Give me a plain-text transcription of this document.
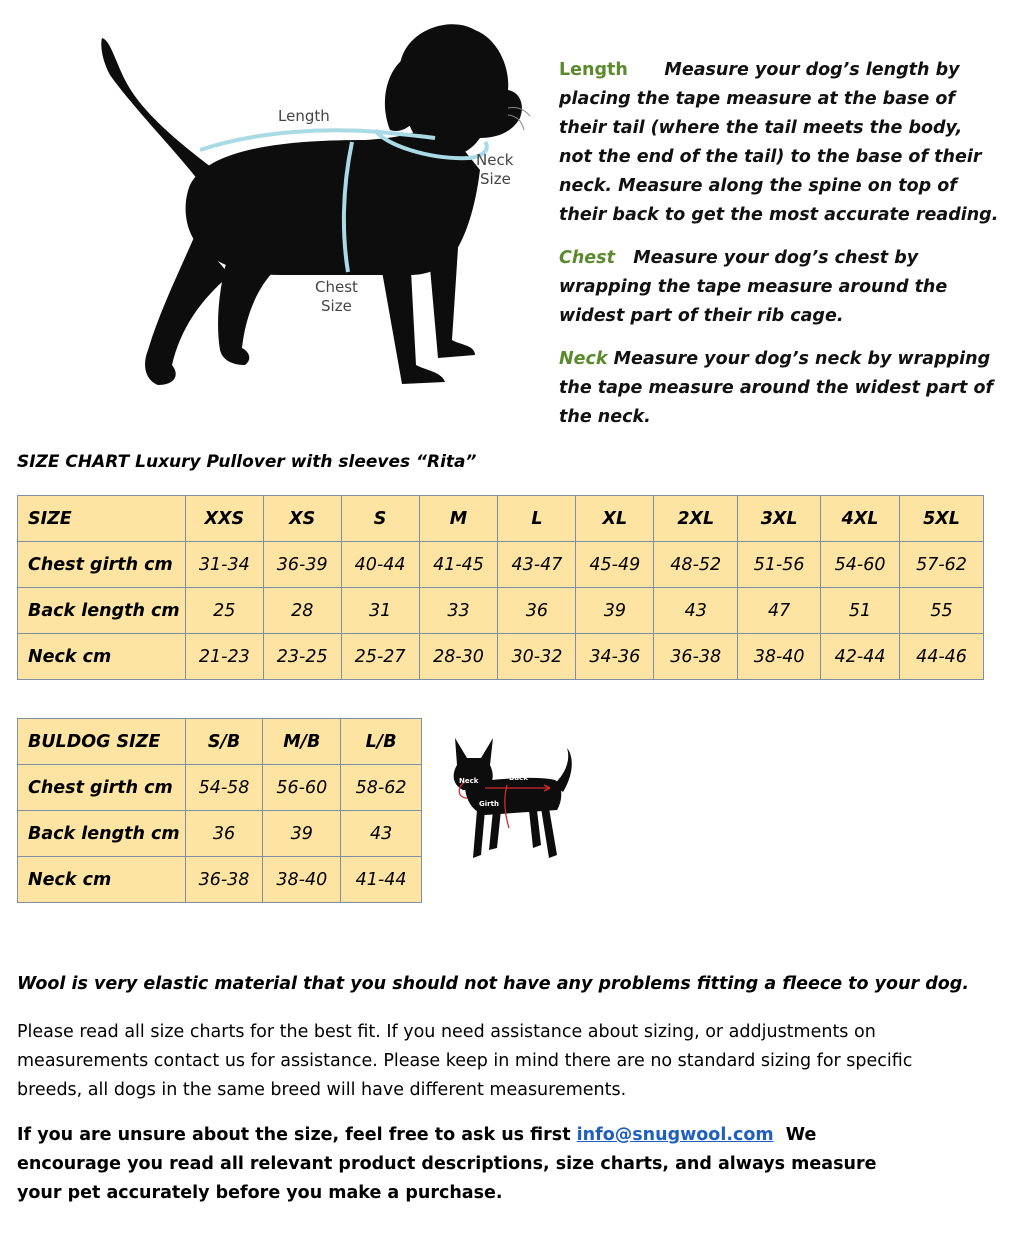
Length
Neck
Size
Chest
Size

Length Measure your dog’s length by placing the tape measure at the base of their tail (where the tail meets the body, not the end of the tail) to the base of their neck. Measure along the spine on top of their back to get the most accurate reading.

Chest Measure your dog’s chest by wrapping the tape measure around the widest part of their rib cage.

Neck Measure your dog’s neck by wrapping the tape measure around the widest part of the neck.

SIZE CHART Luxury Pullover with sleeves “Rita”

SIZE	XXS	XS	S	M	L	XL	2XL	3XL	4XL	5XL
Chest girth cm	31-34	36-39	40-44	41-45	43-47	45-49	48-52	51-56	54-60	57-62
Back length cm	25	28	31	33	36	39	43	47	51	55
Neck cm	21-23	23-25	25-27	28-30	30-32	34-36	36-38	38-40	42-44	44-46
BULDOG SIZE	S/B	M/B	L/B
Chest girth cm	54-58	56-60	58-62
Back length cm	36	39	43
Neck cm	36-38	38-40	41-44
Neck	Back
Girth

Wool is very elastic material that you should not have any problems fitting a fleece to your dog.

Please read all size charts for the best fit. If you need assistance about sizing, or addjustments on measurements contact us for assistance. Please keep in mind there are no standard sizing for specific breeds, all dogs in the same breed will have different measurements.

If you are unsure about the size, feel free to ask us first info@snugwool.com We encourage you read all relevant product descriptions, size charts, and always measure your pet accurately before you make a purchase.
